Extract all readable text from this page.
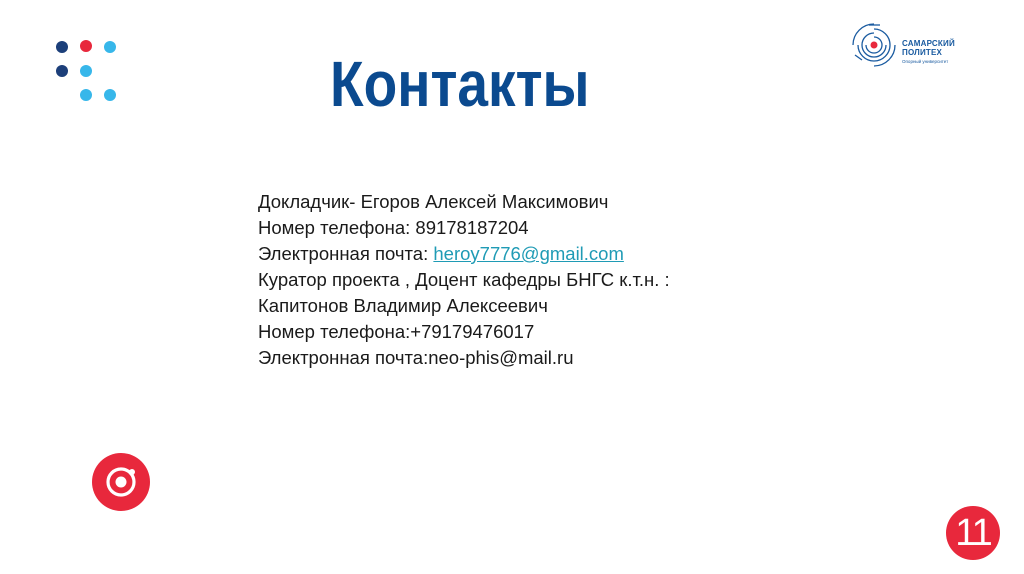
Контакты
САМАРСКИЙ
ПОЛИТЕХ
Опорный университет
Докладчик- Егоров Алексей Максимович
Номер телефона: 89178187204
Электронная почта: heroy7776@gmail.com
Куратор проекта , Доцент кафедры БНГС к.т.н. :
Капитонов Владимир Алексеевич
Номер телефона:+79179476017
Электронная почта:neo-phis@mail.ru
11
